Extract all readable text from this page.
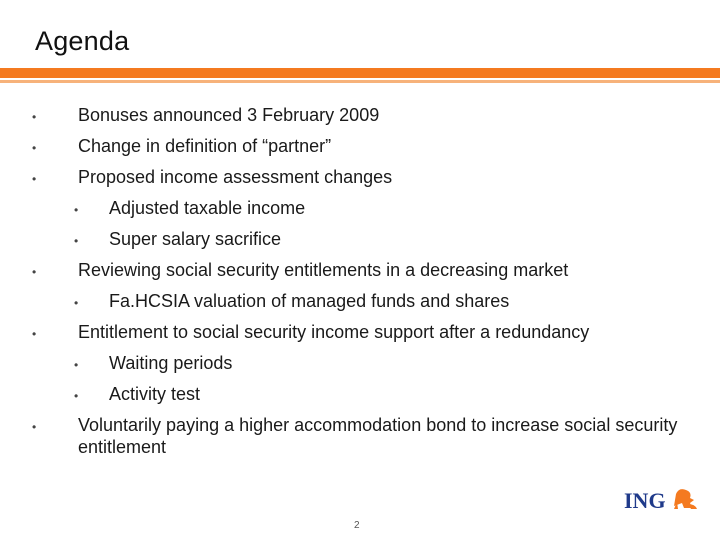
Agenda
• Bonuses announced 3 February 2009
• Change in definition of “partner”
• Proposed income assessment changes
• Adjusted taxable income
• Super salary sacrifice
• Reviewing social security entitlements in a decreasing market
• Fa.HCSIA valuation of managed funds and shares
• Entitlement to social security income support after a redundancy
• Waiting periods
• Activity test
• Voluntarily paying a higher accommodation bond to increase social security entitlement
2
ING
